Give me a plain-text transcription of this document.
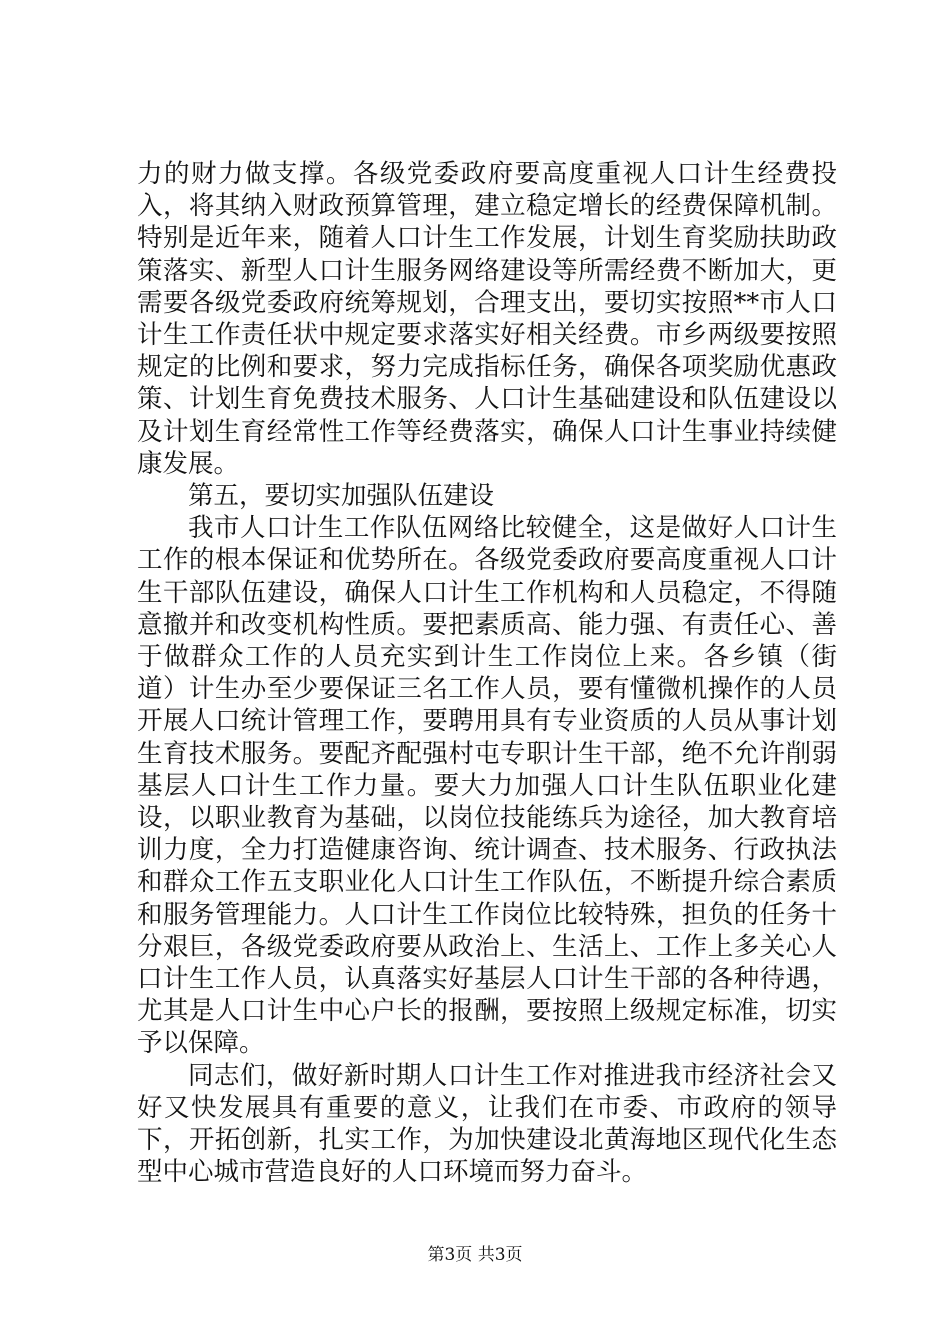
力的财力做支撑。各级党委政府要高度重视人口计生经费投入，将其纳入财政预算管理，建立稳定增长的经费保障机制。特别是近年来，随着人口计生工作发展，计划生育奖励扶助政策落实、新型人口计生服务网络建设等所需经费不断加大，更需要各级党委政府统筹规划，合理支出，要切实按照**市人口计生工作责任状中规定要求落实好相关经费。市乡两级要按照规定的比例和要求，努力完成指标任务，确保各项奖励优惠政策、计划生育免费技术服务、人口计生基础建设和队伍建设以及计划生育经常性工作等经费落实，确保人口计生事业持续健康发展。

第五，要切实加强队伍建设

我市人口计生工作队伍网络比较健全，这是做好人口计生工作的根本保证和优势所在。各级党委政府要高度重视人口计生干部队伍建设，确保人口计生工作机构和人员稳定，不得随意撤并和改变机构性质。要把素质高、能力强、有责任心、善于做群众工作的人员充实到计生工作岗位上来。各乡镇（街道）计生办至少要保证三名工作人员，要有懂微机操作的人员开展人口统计管理工作，要聘用具有专业资质的人员从事计划生育技术服务。要配齐配强村屯专职计生干部，绝不允许削弱基层人口计生工作力量。要大力加强人口计生队伍职业化建设，以职业教育为基础，以岗位技能练兵为途径，加大教育培训力度，全力打造健康咨询、统计调查、技术服务、行政执法和群众工作五支职业化人口计生工作队伍，不断提升综合素质和服务管理能力。人口计生工作岗位比较特殊，担负的任务十分艰巨，各级党委政府要从政治上、生活上、工作上多关心人口计生工作人员，认真落实好基层人口计生干部的各种待遇，尤其是人口计生中心户长的报酬，要按照上级规定标准，切实予以保障。

同志们，做好新时期人口计生工作对推进我市经济社会又好又快发展具有重要的意义，让我们在市委、市政府的领导下，开拓创新，扎实工作，为加快建设北黄海地区现代化生态型中心城市营造良好的人口环境而努力奋斗。

第3页 共3页
